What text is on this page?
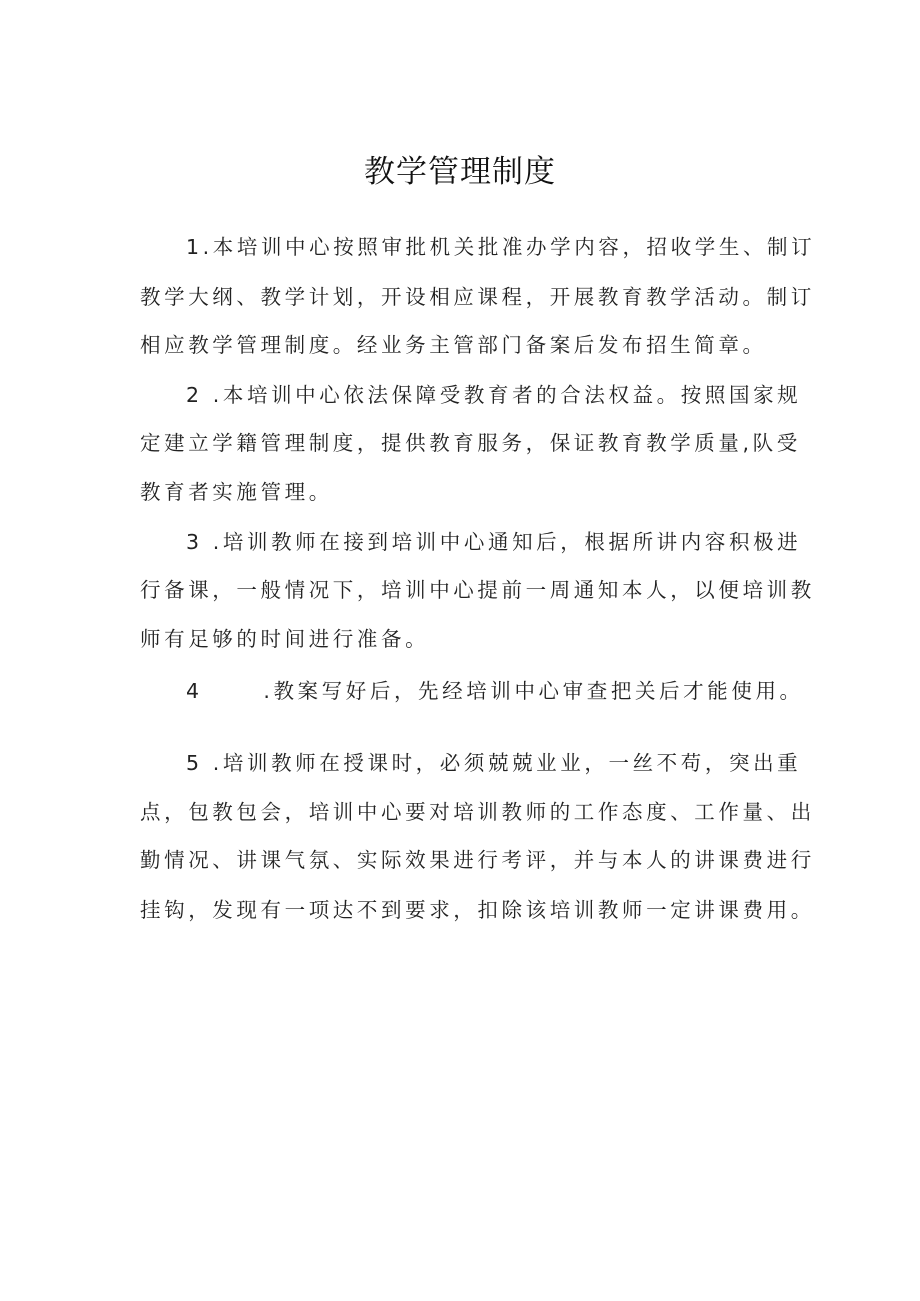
教学管理制度
1.本培训中心按照审批机关批准办学内容，招收学生、制订
教学大纲、教学计划，开设相应课程，开展教育教学活动。制订
相应教学管理制度。经业务主管部门备案后发布招生简章。
2 .本培训中心依法保障受教育者的合法权益。按照国家规
定建立学籍管理制度，提供教育服务，保证教育教学质量,队受
教育者实施管理。
3 .培训教师在接到培训中心通知后，根据所讲内容积极进
行备课，一般情况下，培训中心提前一周通知本人，以便培训教
师有足够的时间进行准备。
4      .教案写好后，先经培训中心审查把关后才能使用。
5 .培训教师在授课时，必须兢兢业业，一丝不苟，突出重
点，包教包会，培训中心要对培训教师的工作态度、工作量、出
勤情况、讲课气氛、实际效果进行考评，并与本人的讲课费进行
挂钩，发现有一项达不到要求，扣除该培训教师一定讲课费用。
